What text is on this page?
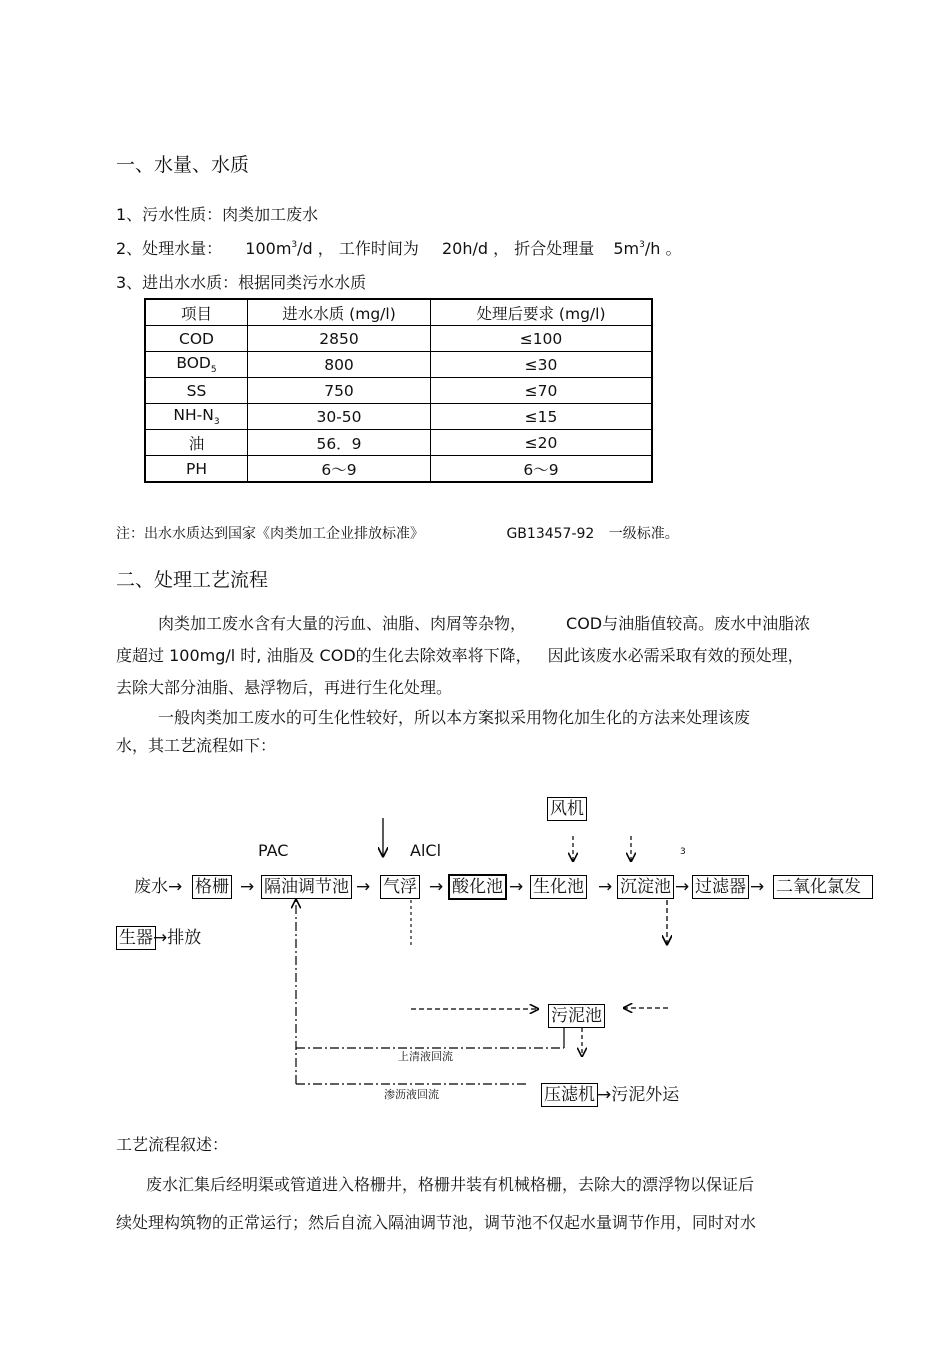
一、水量、水质
1、污水性质：肉类加工废水
2、处理水量： $100m^3/d$ ， 工作时间为 20h/d ， 折合处理量 $5m^3/h$ 。
3、进出水水质：根据同类污水水质
项目	进水水质 (mg/l)	处理后要求 (mg/l)
COD	2850	≤100
$BOD_5$	800	≤30
SS	750	≤70
$NH-N_3$	30-50	≤15
油	56．9	≤20
PH	6～9	6～9
注：出水水质达到国家《肉类加工企业排放标准》	GB13457-92 一级标准。
二、处理工艺流程
肉类加工废水含有大量的污血、油脂、肉屑等杂物，	COD与油脂值较高。废水中油脂浓
度超过 100mg/l 时, 油脂及 COD的生化去除效率将下降， 因此该废水必需采取有效的预处理，
去除大部分油脂、悬浮物后，再进行生化处理。
一般肉类加工废水的可生化性较好，所以本方案拟采用物化加生化的方法来处理该废
水，其工艺流程如下：
风机
PAC	AlCl	3
废水→ 格栅 → 隔油调节池 → 气浮 → 酸化池 → 生化池 → 沉淀池 → 过滤器 → 二氧化氯发
生器 →排放
污泥池
上清液回流
渗沥液回流	压滤机 →污泥外运
工艺流程叙述：
废水汇集后经明渠或管道进入格栅井，格栅井装有机械格栅，去除大的漂浮物以保证后
续处理构筑物的正常运行；然后自流入隔油调节池，调节池不仅起水量调节作用，同时对水
